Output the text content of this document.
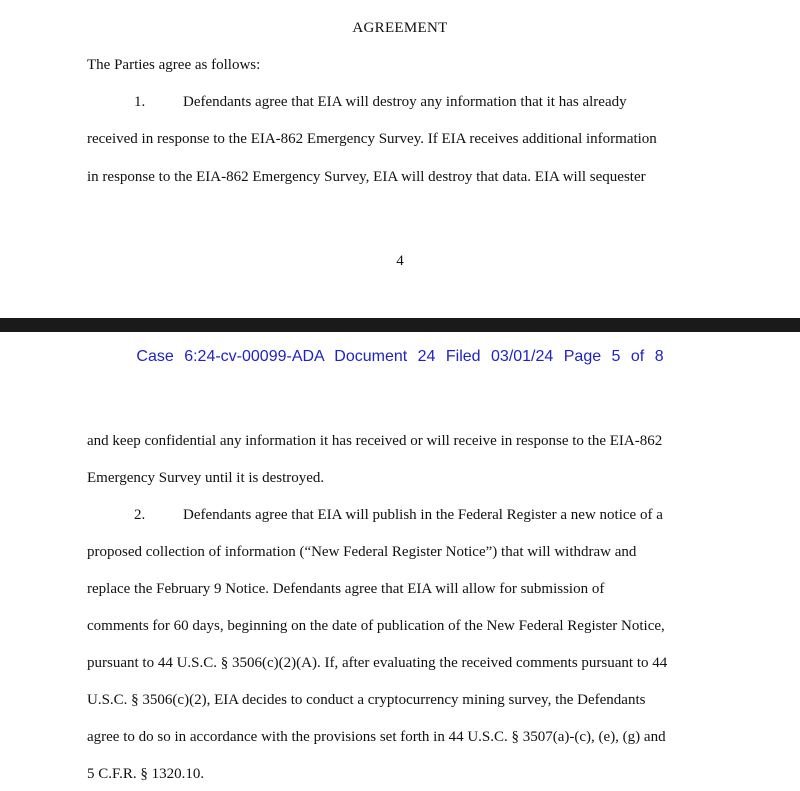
AGREEMENT
The Parties agree as follows:
1.	Defendants agree that EIA will destroy any information that it has already
received in response to the EIA-862 Emergency Survey. If EIA receives additional information
in response to the EIA-862 Emergency Survey, EIA will destroy that data. EIA will sequester
4
Case 6:24-cv-00099-ADA Document 24 Filed 03/01/24 Page 5 of 8
and keep confidential any information it has received or will receive in response to the EIA-862
Emergency Survey until it is destroyed.
2.	Defendants agree that EIA will publish in the Federal Register a new notice of a
proposed collection of information (“New Federal Register Notice”) that will withdraw and
replace the February 9 Notice. Defendants agree that EIA will allow for submission of
comments for 60 days, beginning on the date of publication of the New Federal Register Notice,
pursuant to 44 U.S.C. § 3506(c)(2)(A). If, after evaluating the received comments pursuant to 44
U.S.C. § 3506(c)(2), EIA decides to conduct a cryptocurrency mining survey, the Defendants
agree to do so in accordance with the provisions set forth in 44 U.S.C. § 3507(a)-(c), (e), (g) and
5 C.F.R. § 1320.10.
